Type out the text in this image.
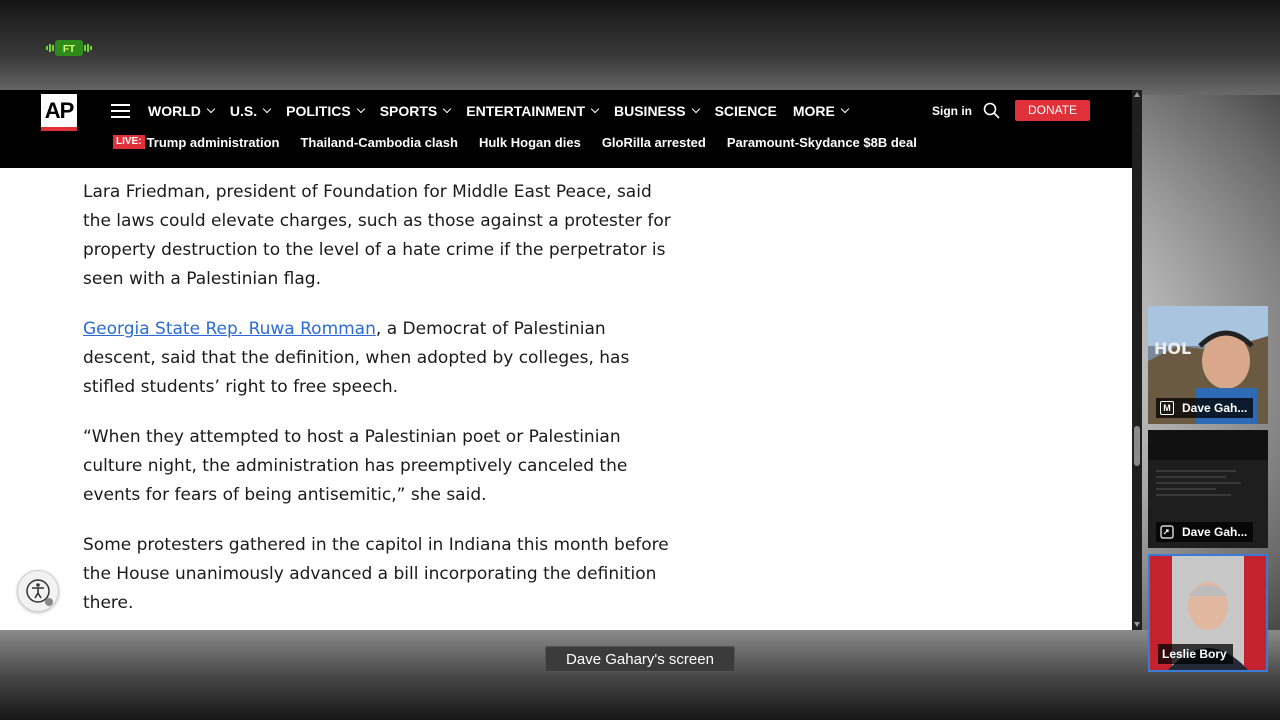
FT
AP	WORLD U.S. POLITICS SPORTS ENTERTAINMENT BUSINESS SCIENCE MORE	Sign in	DONATE
LIVE: Trump administration Thailand-Cambodia clash Hulk Hogan dies GloRilla arrested Paramount-Skydance $8B deal

Lara Friedman, president of Foundation for Middle East Peace, said the laws could elevate charges, such as those against a protester for property destruction to the level of a hate crime if the perpetrator is seen with a Palestinian flag.

Georgia State Rep. Ruwa Romman, a Democrat of Palestinian descent, said that the definition, when adopted by colleges, has stifled students’ right to free speech.

“When they attempted to host a Palestinian poet or Palestinian culture night, the administration has preemptively canceled the events for fears of being antisemitic,” she said.

Some protesters gathered in the capitol in Indiana this month before the House unanimously advanced a bill incorporating the definition there.

HOL
M Dave Gah...
Dave Gah...
Leslie Bory
Dave Gahary's screen
